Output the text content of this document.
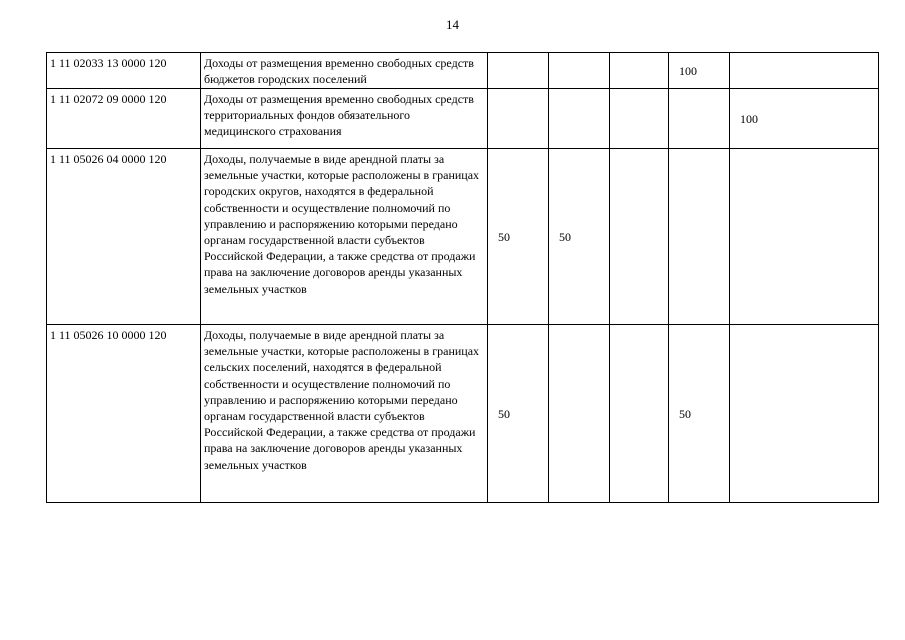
14
1 11 02033 13 0000 120	Доходы от размещения временно свободных средств бюджетов городских поселений				100	
1 11 02072 09 0000 120	Доходы от размещения временно свободных средств территориальных фондов обязательного медицинского страхования					100
1 11 05026 04 0000 120	Доходы, получаемые в виде арендной платы за земельные участки, которые расположены в границах городских округов, находятся в федеральной собственности и осуществление полномочий по управлению и распоряжению которыми передано органам государственной власти субъектов Российской Федерации, а также средства от продажи права на заключение договоров аренды указанных земельных участков	50	50			
1 11 05026 10 0000 120	Доходы, получаемые в виде арендной платы за земельные участки, которые расположены в границах сельских поселений, находятся в федеральной собственности и осуществление полномочий по управлению и распоряжению которыми передано органам государственной власти субъектов Российской Федерации, а также средства от продажи права на заключение договоров аренды указанных земельных участков	50			50	
